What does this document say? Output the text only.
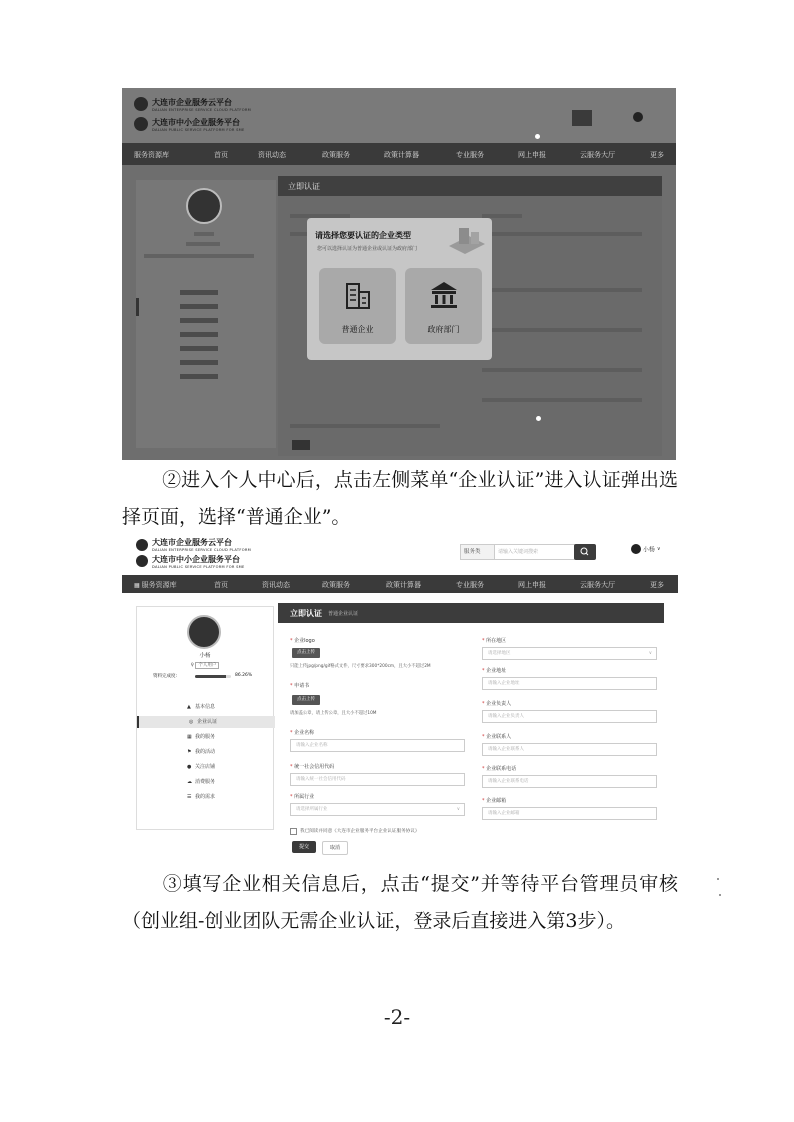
大连市企业服务云平台
DALIAN ENTERPRISE SERVICE CLOUD PLATFORM
大连市中小企业服务平台
DALIAN PUBLIC SERVICE PLATFORM FOR SME
服务资源库	首页	资讯动态	政策服务	政策计算器	专业服务	网上申报	云服务大厅	更多
立即认证
请选择您要认证的企业类型
您可以选择认证为普通企业或认证为政府部门
普通企业	政府部门
②进入个人中心后，点击左侧菜单“企业认证”进入认证弹出选择页面，选择“普通企业”。
大连市企业服务云平台
DALIAN ENTERPRISE SERVICE CLOUD PLATFORM
大连市中小企业服务平台
DALIAN PUBLIC SERVICE PLATFORM FOR SME
服务类	请输入关键词搜索	小杨 ∨
▦ 服务资源库	首页	资讯动态	政策服务	政策计算器	专业服务	网上申报	云服务大厅	更多
小杨
♀ 个人用户
资料完成度:	86.26%
▲ 基本信息
◎ 企业认证
▦ 我的服务
⚑ 我的活动
● 关注店铺
☁ 消费服务
☰ 我的需求
立即认证 普通企业认证
* 企业logo
点击上传
只能上传jpg/png/gif格式文件，尺寸要求300*200cm，且大小不超过2M
* 申请书
点击上传
请加盖公章，请上传公章，且大小不超过10M
* 企业名称
请输入企业名称
* 统一社会信用代码
请输入统一社会信用代码
* 所属行业
请选择所属行业	∨
* 所在地区
请选择地区	∨
* 企业地址
请输入企业地址
* 企业负责人
请输入企业负责人
* 企业联系人
请输入企业联系人
* 企业联系电话
请输入企业联系电话
* 企业邮箱
请输入企业邮箱
我已阅读并同意《大连市企业服务平台企业认证服务协议》
提交	取消
③填写企业相关信息后，点击“提交”并等待平台管理员审核（创业组-创业团队无需企业认证，登录后直接进入第3步）。
-2-
